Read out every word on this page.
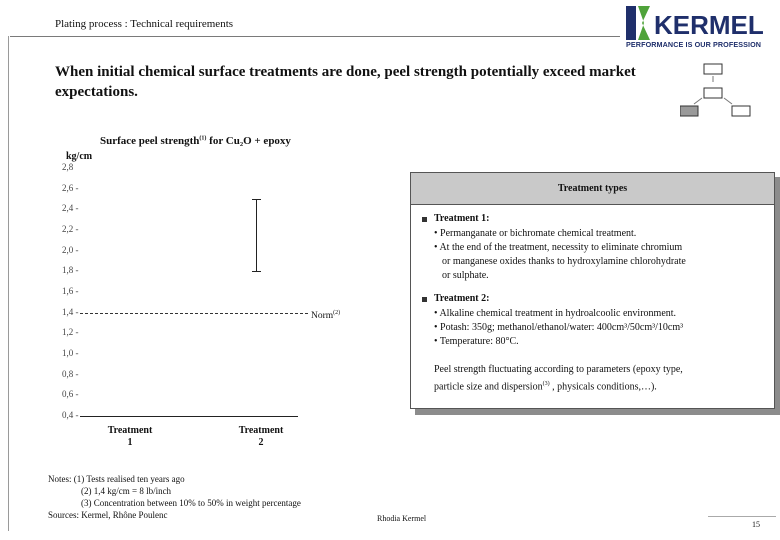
Plating process : Technical requirements	KERMEL
PERFORMANCE IS OUR PROFESSION
When initial chemical surface treatments are done, peel strength potentially exceed market expectations.
Surface peel strength$^{(1)}$ for Cu₂O + epoxy
kg/cm
2,8
2,6 -
2,4 -
2,2 -
2,0 -
1,8 -
1,6 -
1,4 -
1,2 -
1,0 -
0,8 -
0,6 -
0,4 -
Norm$^{(2)}$
Treatment
1
Treatment
2
Treatment types
Treatment 1:
• Permanganate or bichromate chemical treatment.
• At the end of the treatment, necessity to eliminate chromium
or manganese oxides thanks to hydroxylamine chlorohydrate
or sulphate.
Treatment 2:
• Alkaline chemical treatment in hydroalcoolic environment.
• Potash: 350g; methanol/ethanol/water: 400cm³/50cm³/10cm³
• Temperature: 80°C.
Peel strength fluctuating according to parameters (epoxy type,
particle size and dispersion$^{(3)}$ , physicals conditions,…).
Notes: (1) Tests realised ten years ago
(2) 1,4 kg/cm = 8 lb/inch
(3) Concentration between 10% to 50% in weight percentage
Sources: Kermel, Rhône Poulenc	Rhodia Kermel
15
